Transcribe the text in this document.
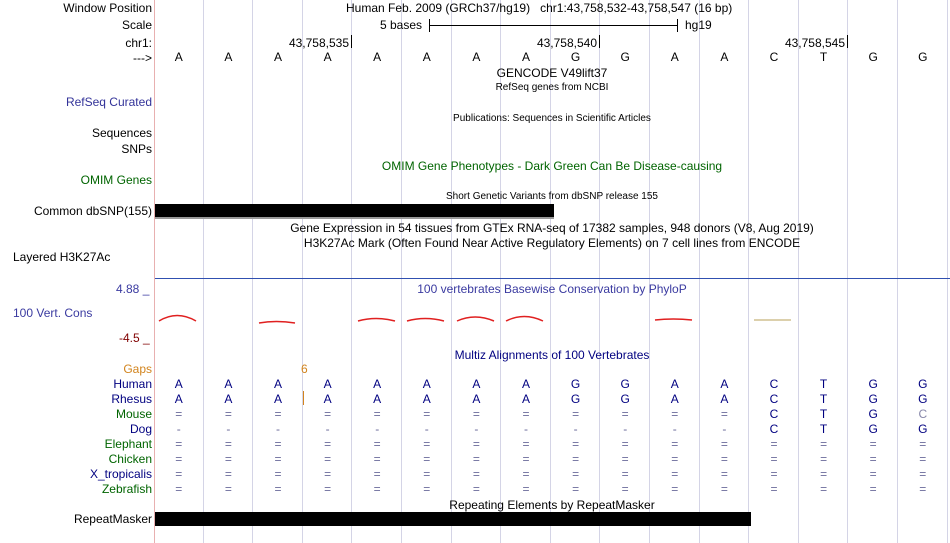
Window Position	Human Feb. 2009 (GRCh37/hg19)   chr1:43,758,532-43,758,547 (16 bp)
Scale	5 bases	hg19
chr1:	43,758,535	43,758,540	43,758,545
--->	A	A	A	A	A	A	A	A	G	G	A	A	C	T	G	G
GENCODE V49lift37
RefSeq genes from NCBI
RefSeq Curated
Publications: Sequences in Scientific Articles
Sequences
SNPs
OMIM Gene Phenotypes - Dark Green Can Be Disease-causing
OMIM Genes
Short Genetic Variants from dbSNP release 155
Common dbSNP(155)
Gene Expression in 54 tissues from GTEx RNA-seq of 17382 samples, 948 donors (V8, Aug 2019)
H3K27Ac Mark (Often Found Near Active Regulatory Elements) on 7 cell lines from ENCODE
Layered H3K27Ac
4.88 _	100 vertebrates Basewise Conservation by PhyloP
100 Vert. Cons
-4.5 _
Multiz Alignments of 100 Vertebrates
Gaps	6
Human	A	A	A	A	A	A	A	A	G	G	A	A	C	T	G	G
Rhesus	A	A	A	A	A	A	A	A	G	G	A	A	C	T	G	G
Mouse	=	=	=	=	=	=	=	=	=	=	=	=	C	T	G	C
Dog	-	-	-	-	-	-	-	-	-	-	-	-	C	T	G	G
Elephant	=	=	=	=	=	=	=	=	=	=	=	=	=	=	=	=
Chicken	=	=	=	=	=	=	=	=	=	=	=	=	=	=	=	=
X_tropicalis	=	=	=	=	=	=	=	=	=	=	=	=	=	=	=	=
Zebrafish	=	=	=	=	=	=	=	=	=	=	=	=	=	=	=	=
Repeating Elements by RepeatMasker
RepeatMasker
